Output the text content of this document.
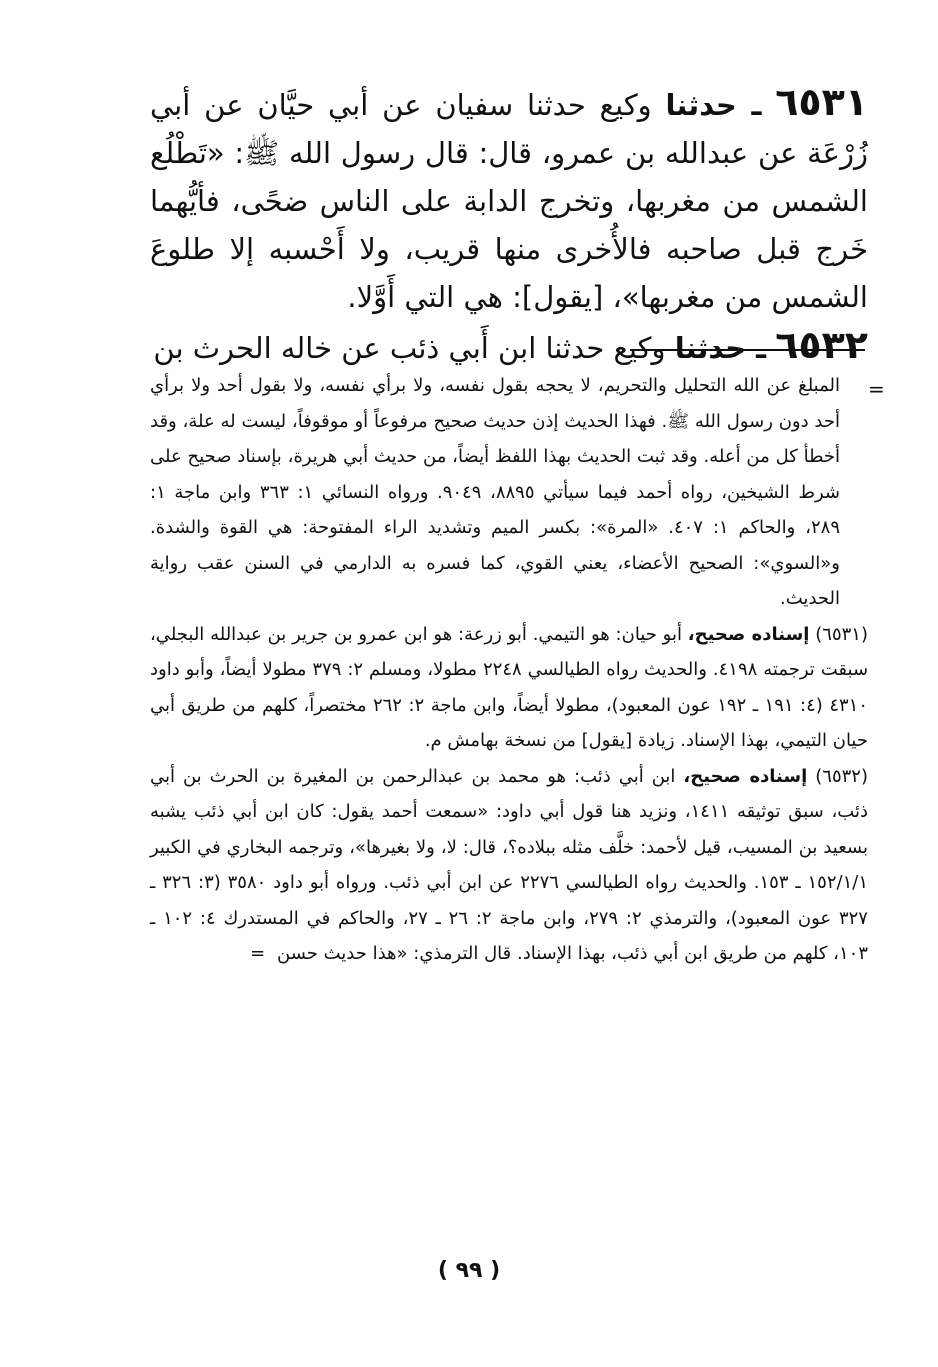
٦٥٣١ ـ حدثنا وكيع حدثنا سفيان عن أبي حيَّان عن أبي زُرْعَة عن عبدالله بن عمرو، قال: قال رسول الله ﷺ: «تَطْلُع الشمس من مغربها، وتخرج الدابة على الناس ضحًى، فأيُّهما خَرج قبل صاحبه فالأُخرى منها قريب، ولا أَحْسبه إلا طلوعَ الشمس من مغربها»، [يقول]: هي التي أَوَّلا.

٦٥٣٢ ـ حدثنا وكيع حدثنا ابن أَبي ذئب عن خاله الحرث بن

=

المبلغ عن الله التحليل والتحريم، لا يحجه بقول نفسه، ولا برأي نفسه، ولا بقول أحد ولا برأي أحد دون رسول الله ﷺ. فهذا الحديث إذن حديث صحيح مرفوعاً أو موقوفاً، ليست له علة، وقد أخطأ كل من أعله. وقد ثبت الحديث بهذا اللفظ أيضاً، من حديث أبي هريرة، بإسناد صحيح على شرط الشيخين، رواه أحمد فيما سيأتي ٨٨٩٥، ٩٠٤٩. ورواه النسائي ١: ٣٦٣ وابن ماجة ١: ٢٨٩، والحاكم ١: ٤٠٧. «المرة»: بكسر الميم وتشديد الراء المفتوحة: هي القوة والشدة. و«السوي»: الصحيح الأعضاء، يعني القوي، كما فسره به الدارمي في السنن عقب رواية الحديث.

(٦٥٣١) إسناده صحيح، أبو حيان: هو التيمي. أبو زرعة: هو ابن عمرو بن جرير بن عبدالله البجلي، سبقت ترجمته ٤١٩٨. والحديث رواه الطيالسي ٢٢٤٨ مطولا، ومسلم ٢: ٣٧٩ مطولا أيضاً، وأبو داود ٤٣١٠ (٤: ١٩١ ـ ١٩٢ عون المعبود)، مطولا أيضاً، وابن ماجة ٢: ٢٦٢ مختصراً، كلهم من طريق أبي حيان التيمي، بهذا الإسناد. زيادة [يقول] من نسخة بهامش م.

(٦٥٣٢) إسناده صحيح، ابن أبي ذئب: هو محمد بن عبدالرحمن بن المغيرة بن الحرث بن أبي ذئب، سبق توثيقه ١٤١١، ونزيد هنا قول أبي داود: «سمعت أحمد يقول: كان ابن أبي ذئب يشبه بسعيد بن المسيب، قيل لأحمد: خلَّف مثله ببلاده؟، قال: لا، ولا بغيرها»، وترجمه البخاري في الكبير ١٥٢/١/١ ـ ١٥٣. والحديث رواه الطيالسي ٢٢٧٦ عن ابن أبي ذئب. ورواه أبو داود ٣٥٨٠ (٣: ٣٢٦ ـ ٣٢٧ عون المعبود)، والترمذي ٢: ٢٧٩، وابن ماجة ٢: ٢٦ ـ ٢٧، والحاكم في المستدرك ٤: ١٠٢ ـ ١٠٣، كلهم من طريق ابن أبي ذئب، بهذا الإسناد. قال الترمذي: «هذا حديث حسن =

( ٩٩ )
